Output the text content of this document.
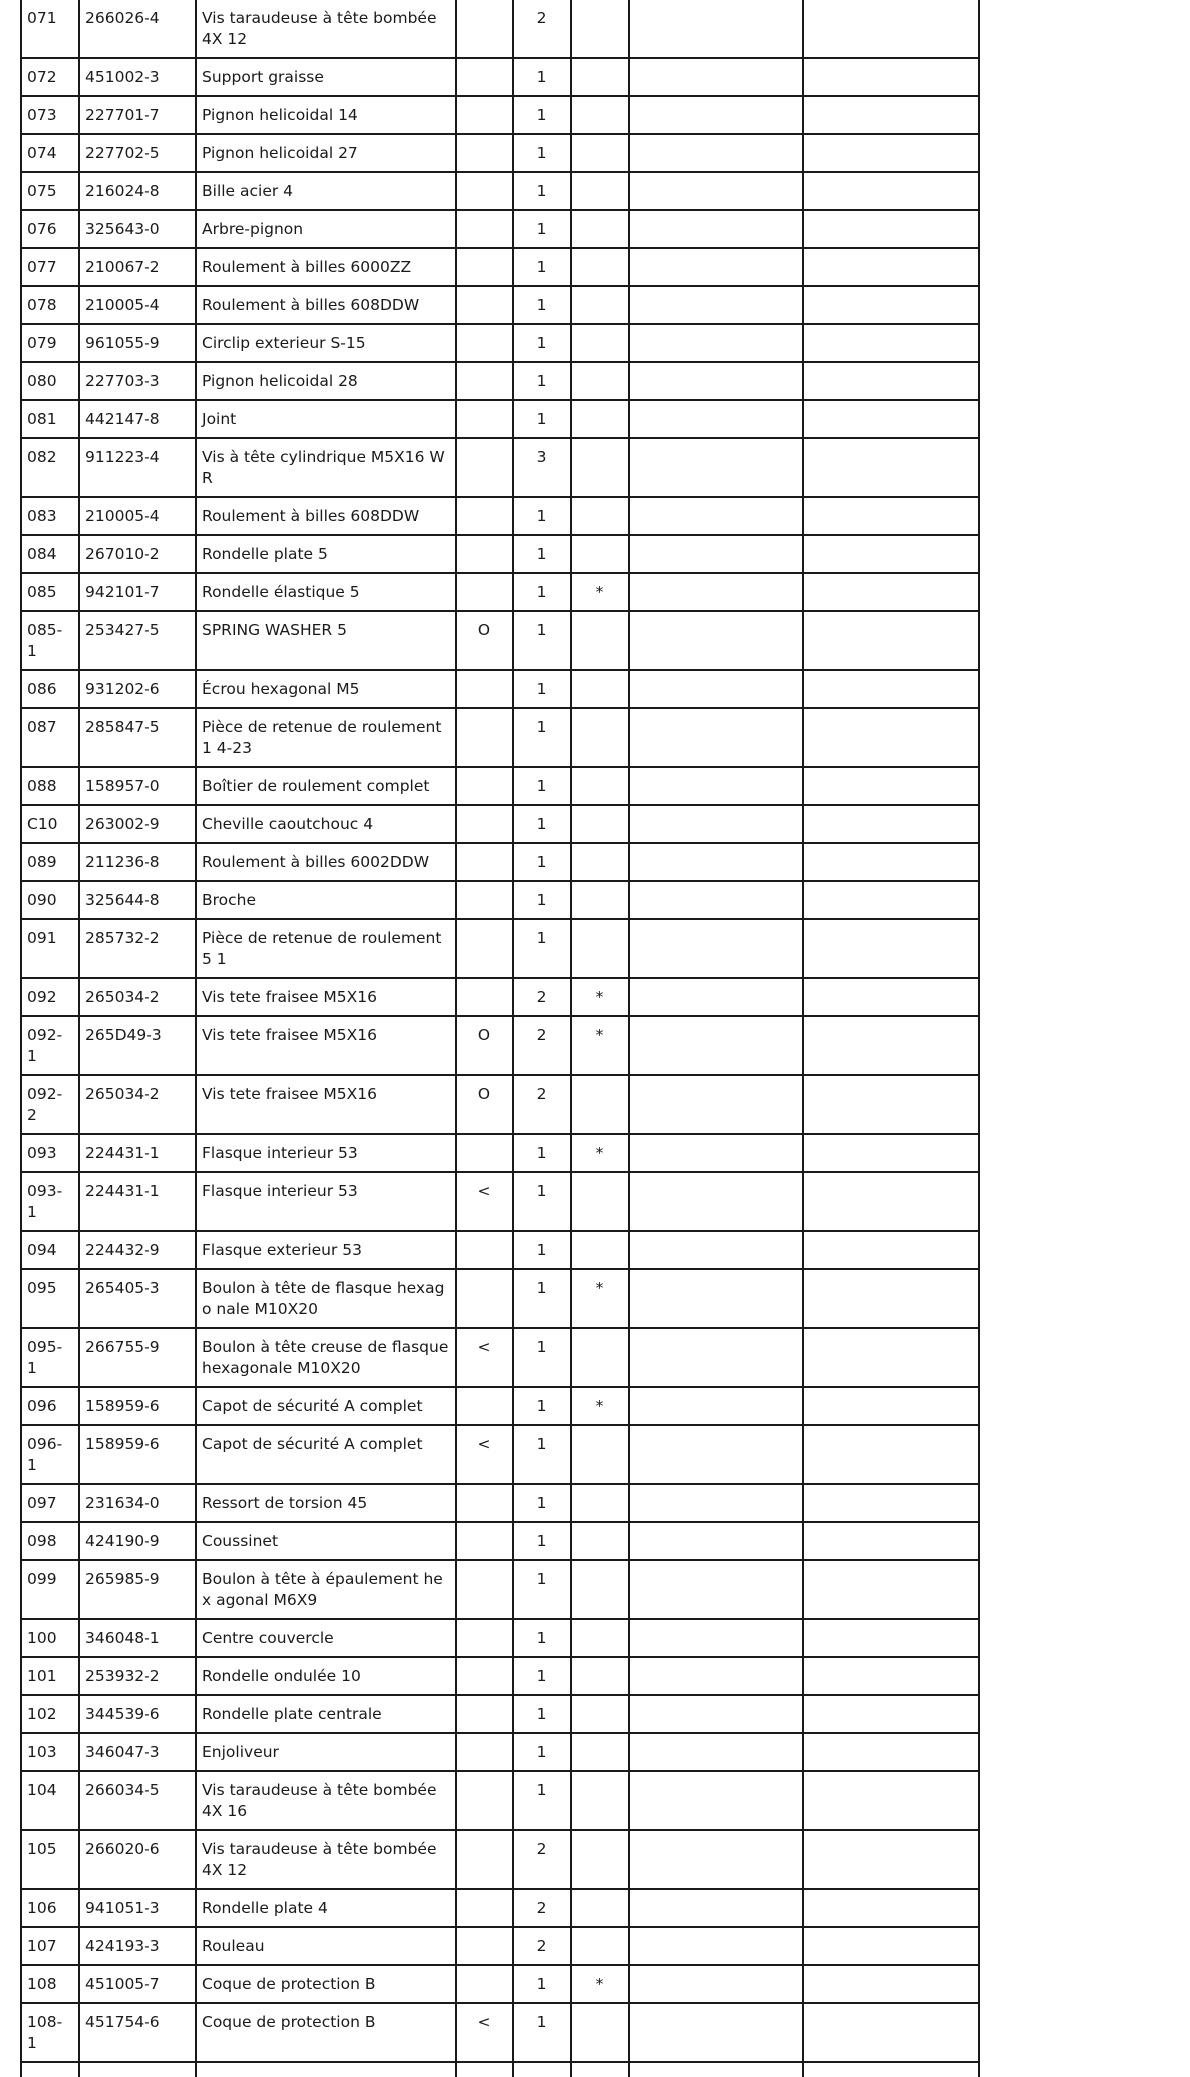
071	266026-4	Vis taraudeuse à tête bombée 4X 12		2			
072	451002-3	Support graisse		1			
073	227701-7	Pignon helicoidal 14		1			
074	227702-5	Pignon helicoidal 27		1			
075	216024-8	Bille acier 4		1			
076	325643-0	Arbre-pignon		1			
077	210067-2	Roulement à billes 6000ZZ		1			
078	210005-4	Roulement à billes 608DDW		1			
079	961055-9	Circlip exterieur S-15		1			
080	227703-3	Pignon helicoidal 28		1			
081	442147-8	Joint		1			
082	911223-4	Vis à tête cylindrique M5X16 WR		3			
083	210005-4	Roulement à billes 608DDW		1			
084	267010-2	Rondelle plate 5		1			
085	942101-7	Rondelle élastique 5		1	*		
085-1	253427-5	SPRING WASHER 5	O	1			
086	931202-6	Écrou hexagonal M5		1			
087	285847-5	Pièce de retenue de roulement 1 4-23		1			
088	158957-0	Boîtier de roulement complet		1			
C10	263002-9	Cheville caoutchouc 4		1			
089	211236-8	Roulement à billes 6002DDW		1			
090	325644-8	Broche		1			
091	285732-2	Pièce de retenue de roulement 5 1		1			
092	265034-2	Vis tete fraisee M5X16		2	*		
092-1	265D49-3	Vis tete fraisee M5X16	O	2	*		
092-2	265034-2	Vis tete fraisee M5X16	O	2			
093	224431-1	Flasque interieur 53		1	*		
093-1	224431-1	Flasque interieur 53	<	1			
094	224432-9	Flasque exterieur 53		1			
095	265405-3	Boulon à tête de flasque hexago nale M10X20		1	*		
095-1	266755-9	Boulon à tête creuse de flasque hexagonale M10X20	<	1			
096	158959-6	Capot de sécurité A complet		1	*		
096-1	158959-6	Capot de sécurité A complet	<	1			
097	231634-0	Ressort de torsion 45		1			
098	424190-9	Coussinet		1			
099	265985-9	Boulon à tête à épaulement hex agonal M6X9		1			
100	346048-1	Centre couvercle		1			
101	253932-2	Rondelle ondulée 10		1			
102	344539-6	Rondelle plate centrale		1			
103	346047-3	Enjoliveur		1			
104	266034-5	Vis taraudeuse à tête bombée 4X 16		1			
105	266020-6	Vis taraudeuse à tête bombée 4X 12		2			
106	941051-3	Rondelle plate 4		2			
107	424193-3	Rouleau		2			
108	451005-7	Coque de protection B		1	*		
108-1	451754-6	Coque de protection B	<	1			
